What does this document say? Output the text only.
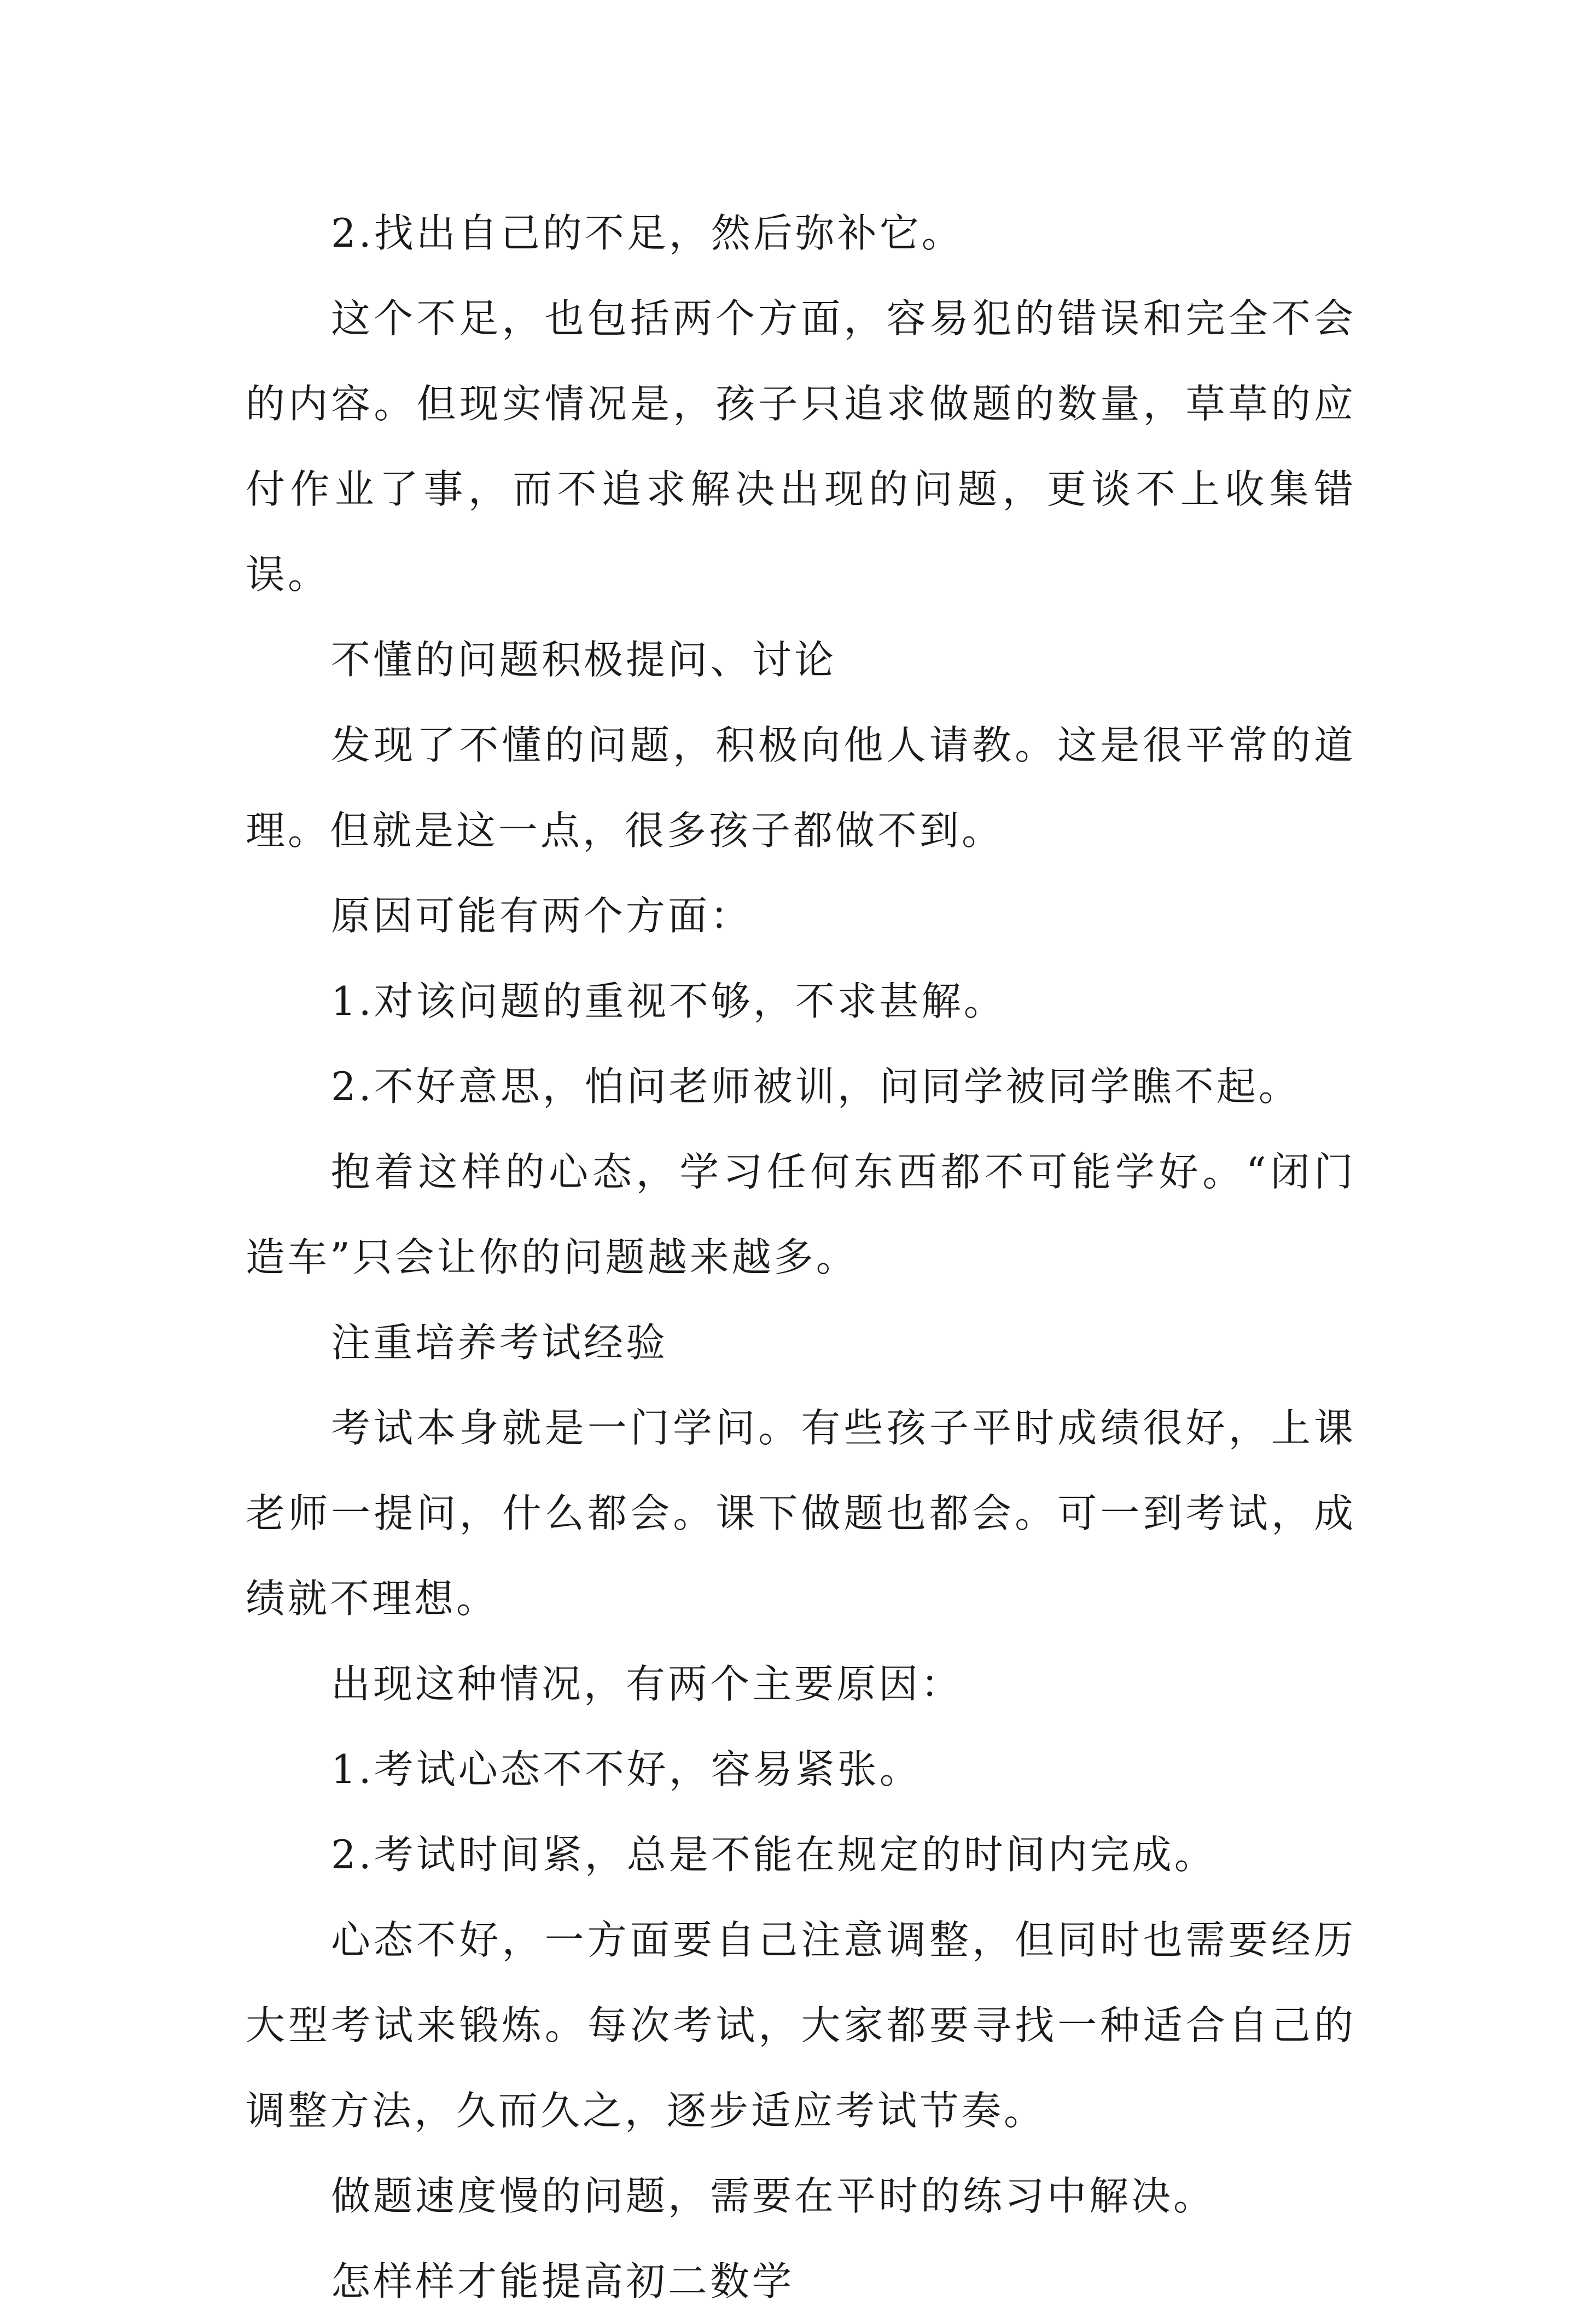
2.找出自己的不足，然后弥补它。

这个不足，也包括两个方面，容易犯的错误和完全不会的内容。但现实情况是，孩子只追求做题的数量，草草的应付作业了事，而不追求解决出现的问题，更谈不上收集错误。

不懂的问题积极提问、讨论

发现了不懂的问题，积极向他人请教。这是很平常的道理。但就是这一点，很多孩子都做不到。

原因可能有两个方面：

1.对该问题的重视不够，不求甚解。

2.不好意思，怕问老师被训，问同学被同学瞧不起。

抱着这样的心态，学习任何东西都不可能学好。“闭门造车”只会让你的问题越来越多。

注重培养考试经验

考试本身就是一门学问。有些孩子平时成绩很好，上课老师一提问，什么都会。课下做题也都会。可一到考试，成绩就不理想。

出现这种情况，有两个主要原因：

1.考试心态不不好，容易紧张。

2.考试时间紧，总是不能在规定的时间内完成。

心态不好，一方面要自己注意调整，但同时也需要经历大型考试来锻炼。每次考试，大家都要寻找一种适合自己的调整方法，久而久之，逐步适应考试节奏。

做题速度慢的问题，需要在平时的练习中解决。

怎样样才能提高初二数学
